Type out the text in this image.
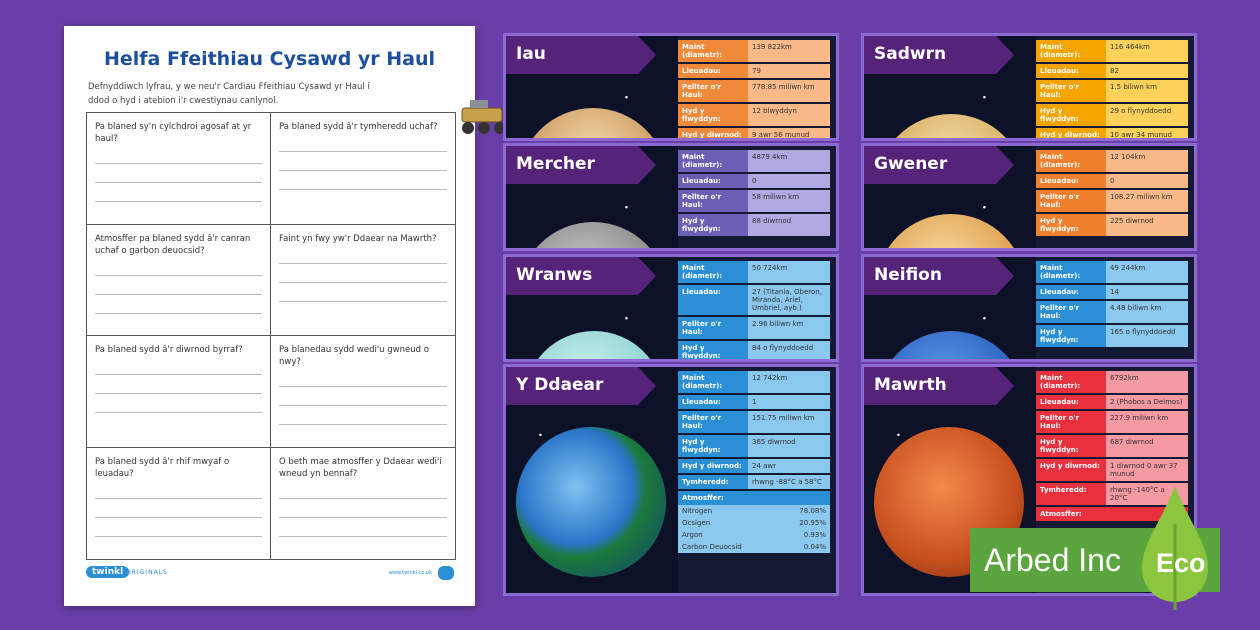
Helfa Ffeithiau Cysawd yr Haul
Defnyddiwch lyfrau, y we neu'r Cardiau Ffeithiau Cysawd yr Haul i ddod o hyd i atebion i'r cwestiynau canlynol.
Pa blaned sy'n cylchdroi agosaf at yr haul?
Pa blaned sydd â'r tymheredd uchaf?
Atmosffer pa blaned sydd â'r canran uchaf o garbon deuocsid?
Faint yn fwy yw'r Ddaear na Mawrth?
Pa blaned sydd â'r diwrnod byrraf?	Pa blanedau sydd wedi'u gwneud o nwy?
Pa blaned sydd â'r rhif mwyaf o leuadau?
O beth mae atmosffer y Ddaear wedi'i wneud yn bennaf?
twinkl ORIGINALS	www.twinkl.co.uk
Iau	Maint (diametr):
139 822km
Lleuadau:	79
Pellter o'r Haul:
778.85 miliwn km
Hyd y flwyddyn:
12 blwyddyn
Hyd y diwrnod:	9 awr 56 munud
Sadwrn	Maint (diametr):
116 464km
Lleuadau:	82
Pellter o'r Haul:
1.5 biliwn km
Hyd y flwyddyn:
29 o flynyddoedd
Hyd y diwrnod:	10 awr 34 munud
Mercher	Maint (diametr):
4879.4km
Lleuadau:	0
Pellter o'r Haul:
58 miliwn km
Hyd y flwyddyn:
88 diwrnod
Gwener	Maint (diametr):
12 104km
Lleuadau:	0
Pellter o'r Haul:
108.27 miliwn km
Hyd y flwyddyn:
225 diwrnod
Wranws	Maint (diametr):
50 724km
Lleuadau:	27 (Titania, Oberon, Miranda, Ariel, Umbriel, ayb.)
Pellter o'r Haul:
2.96 biliwn km
Hyd y flwyddyn:
84 o flynyddoedd
Neifion	Maint (diametr):
49 244km
Lleuadau:	14
Pellter o'r Haul:
4.48 biliwn km
Hyd y flwyddyn:
165 o flynyddoedd
Y Ddaear	Maint (diametr):
12 742km
Lleuadau:	1
Pellter o'r Haul:
151.75 miliwn km
Hyd y flwyddyn:
365 diwrnod
Hyd y diwrnod:	24 awr
Tymheredd:	rhwng -88°C a 58°C
Atmosffer:
Nitrogen	78.08%
Ocsigen	20.95%
Argon	0.93%
Carbon Deuocsid	0.04%
Mawrth	Maint (diametr):
6792km
Lleuadau:	2 (Phobos a Deimos)
Pellter o'r Haul:
227.9 miliwn km
Hyd y flwyddyn:
687 diwrnod
Hyd y diwrnod:	1 diwrnod 0 awr 37 munud
Tymheredd:	rhwng -140°C a 20°C
Atmosffer:
Arbed Inc Eco
